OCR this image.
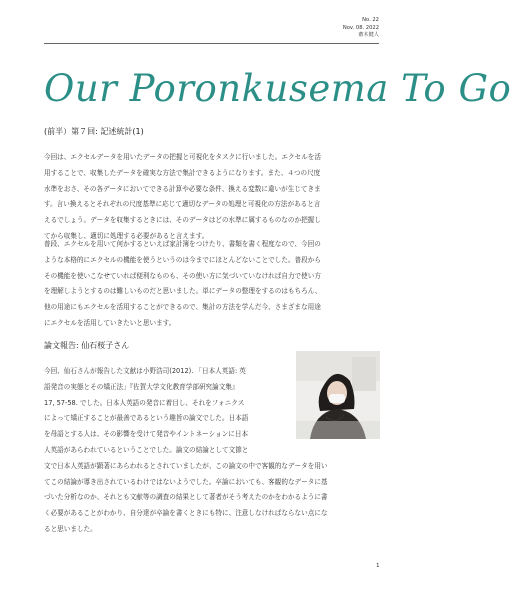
No. 22
Nov. 08. 2022
齋木健人
Our Poronkusema To Go
(前半）第７回: 記述統計(1)
今回は、エクセルデータを用いたデータの把握と可視化をタスクに行いました。エクセルを活
用することで、収集したデータを確実な方法で集計できるようになります。また、４つの尺度
水準をおさ、その各データにおいてできる計算や必要な条件、換える変数に違いが生じてきま
す。言い換えるとそれぞれの尺度基準に応じて適切なデータの処理と可視化の方法があると言
えるでしょう。データを収集するときには、そのデータはどの水準に属するものなのか把握し
てから収集し、適切に処理する必要があると言えます。
普段、エクセルを用いて何かするといえば家計簿をつけたり、書類を書く程度なので、今回の
ような本格的にエクセルの機能を使うというのは今までにほとんどないことでした。普段から
その機能を使いこなせていれば便利なものも、その使い方に気づいていなければ自力で使い方
を理解しようとするのは難しいものだと思いました。単にデータの整理をするのはもちろん、
他の用途にもエクセルを活用することができるので、集計の方法を学んだ今、さまざまな用途
にエクセルを活用していきたいと思います。
論文報告: 仙石桜子さん
今回、仙石さんが報告した文献は小野浩司(2012). 「日本人英語: 英
語発音の実態とその矯正法」『佐賀大学文化教育学部研究論文集』
17, 57-58. でした。日本人英語の発音に着目し、それをフォニクス
によって矯正することが最善であるという趣旨の論文でした。日本語
を母語とする人は、その影響を受けて発音やイントネーションに日本
人英語があらわれているということでした。論文の結論として文節と
文で日本人英語が顕著にあらわれるとされていましたが、この論文の中で客観的なデータを用い
てこの結論が導き出されているわけではないようでした。卒論においても、客観的なデータに基
づいた分析なのか、それとも文献等の調査の結果として著者がそう考えたのかをわかるように書
く必要があることがわかり、自分達が卒論を書くときにも特に、注意しなければならない点にな
ると思いました。
1
